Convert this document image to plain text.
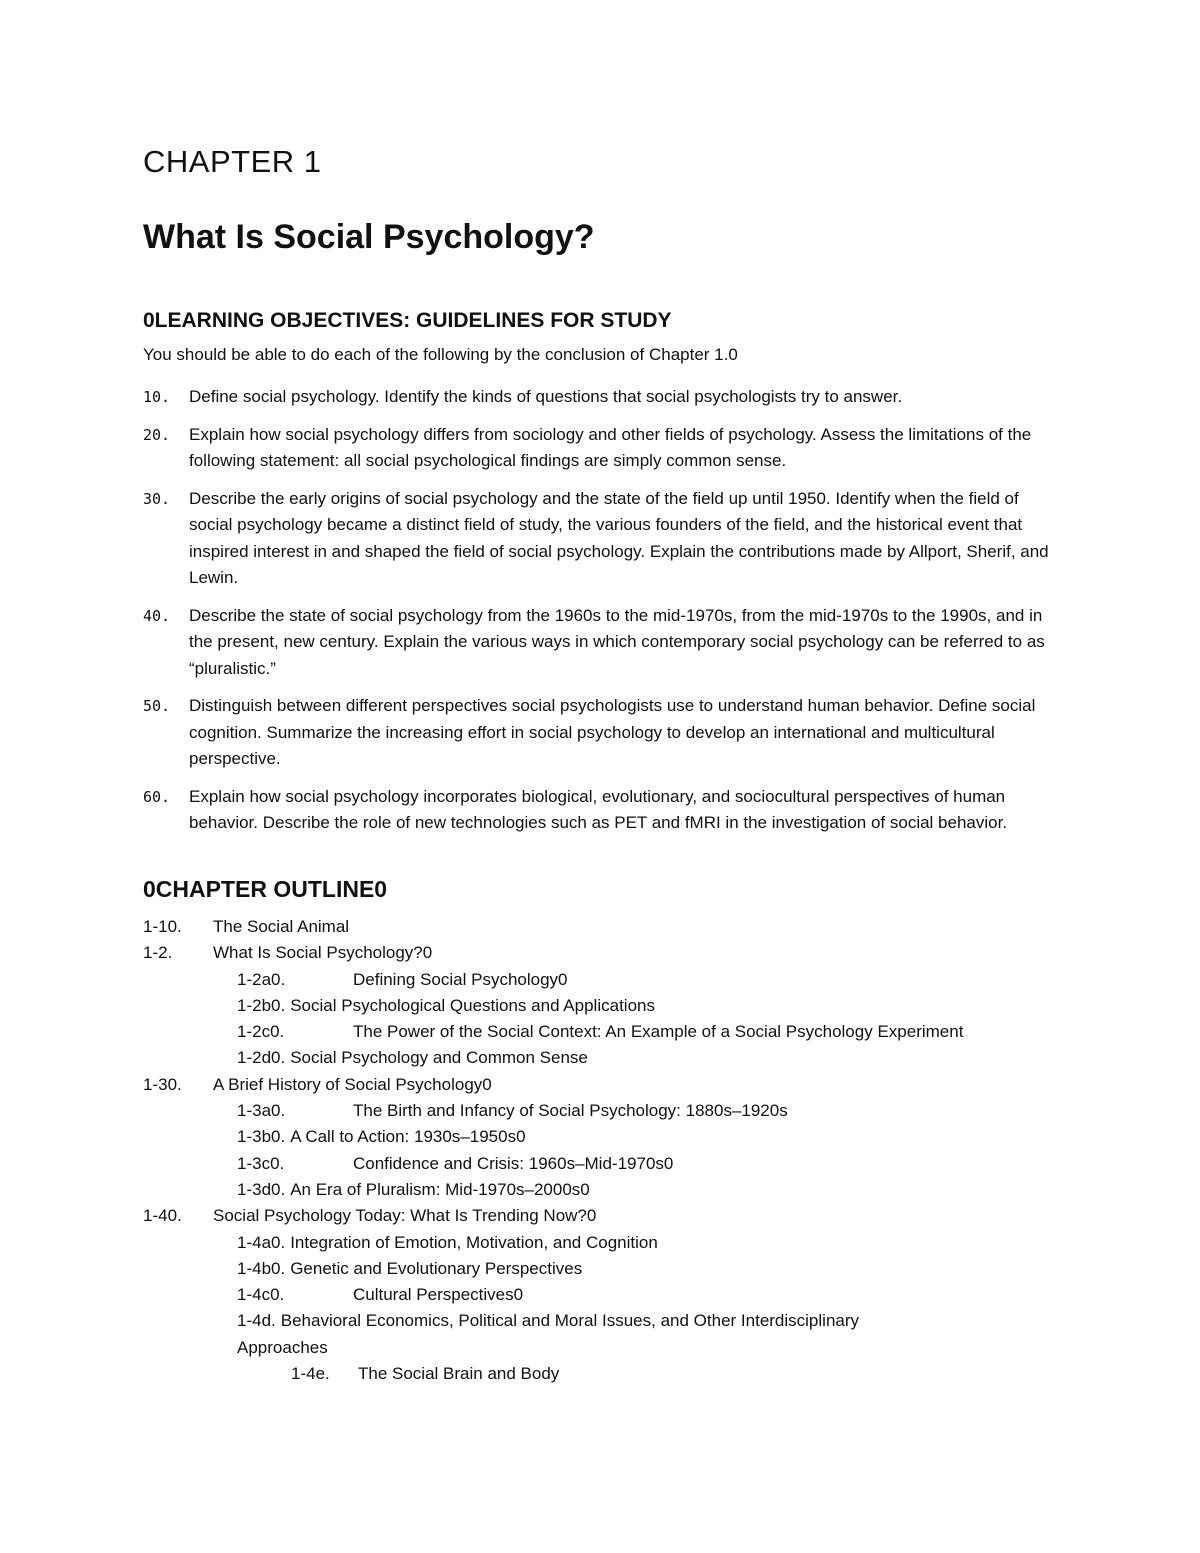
CHAPTER 1
What Is Social Psychology?
0LEARNING OBJECTIVES: GUIDELINES FOR STUDY
You should be able to do each of the following by the conclusion of Chapter 1.0
10.	Define social psychology. Identify the kinds of questions that social psychologists try to answer.
20.	Explain how social psychology differs from sociology and other fields of psychology. Assess the limitations of the following statement: all social psychological findings are simply common sense.
30.	Describe the early origins of social psychology and the state of the field up until 1950. Identify when the field of social psychology became a distinct field of study, the various founders of the field, and the historical event that inspired interest in and shaped the field of social psychology. Explain the contributions made by Allport, Sherif, and Lewin.
40.	Describe the state of social psychology from the 1960s to the mid-1970s, from the mid-1970s to the 1990s, and in the present, new century. Explain the various ways in which contemporary social psychology can be referred to as “pluralistic.”
50.	Distinguish between different perspectives social psychologists use to understand human behavior. Define social cognition. Summarize the increasing effort in social psychology to develop an international and multicultural perspective.
60.	Explain how social psychology incorporates biological, evolutionary, and sociocultural perspectives of human behavior. Describe the role of new technologies such as PET and fMRI in the investigation of social behavior.
0CHAPTER OUTLINE0
1-10.	The Social Animal
1-2.	What Is Social Psychology?0
1-2a0.	Defining Social Psychology0
1-2b0. Social Psychological Questions and Applications
1-2c0.	The Power of the Social Context: An Example of a Social Psychology Experiment
1-2d0. Social Psychology and Common Sense
1-30.	A Brief History of Social Psychology0
1-3a0.	The Birth and Infancy of Social Psychology: 1880s–1920s
1-3b0. A Call to Action: 1930s–1950s0
1-3c0.	Confidence and Crisis: 1960s–Mid-1970s0
1-3d0. An Era of Pluralism: Mid-1970s–2000s0
1-40.	Social Psychology Today: What Is Trending Now?0
1-4a0. Integration of Emotion, Motivation, and Cognition
1-4b0. Genetic and Evolutionary Perspectives
1-4c0.	Cultural Perspectives0
1-4d. Behavioral Economics, Political and Moral Issues, and Other Interdisciplinary
Approaches
1-4e.	The Social Brain and Body
